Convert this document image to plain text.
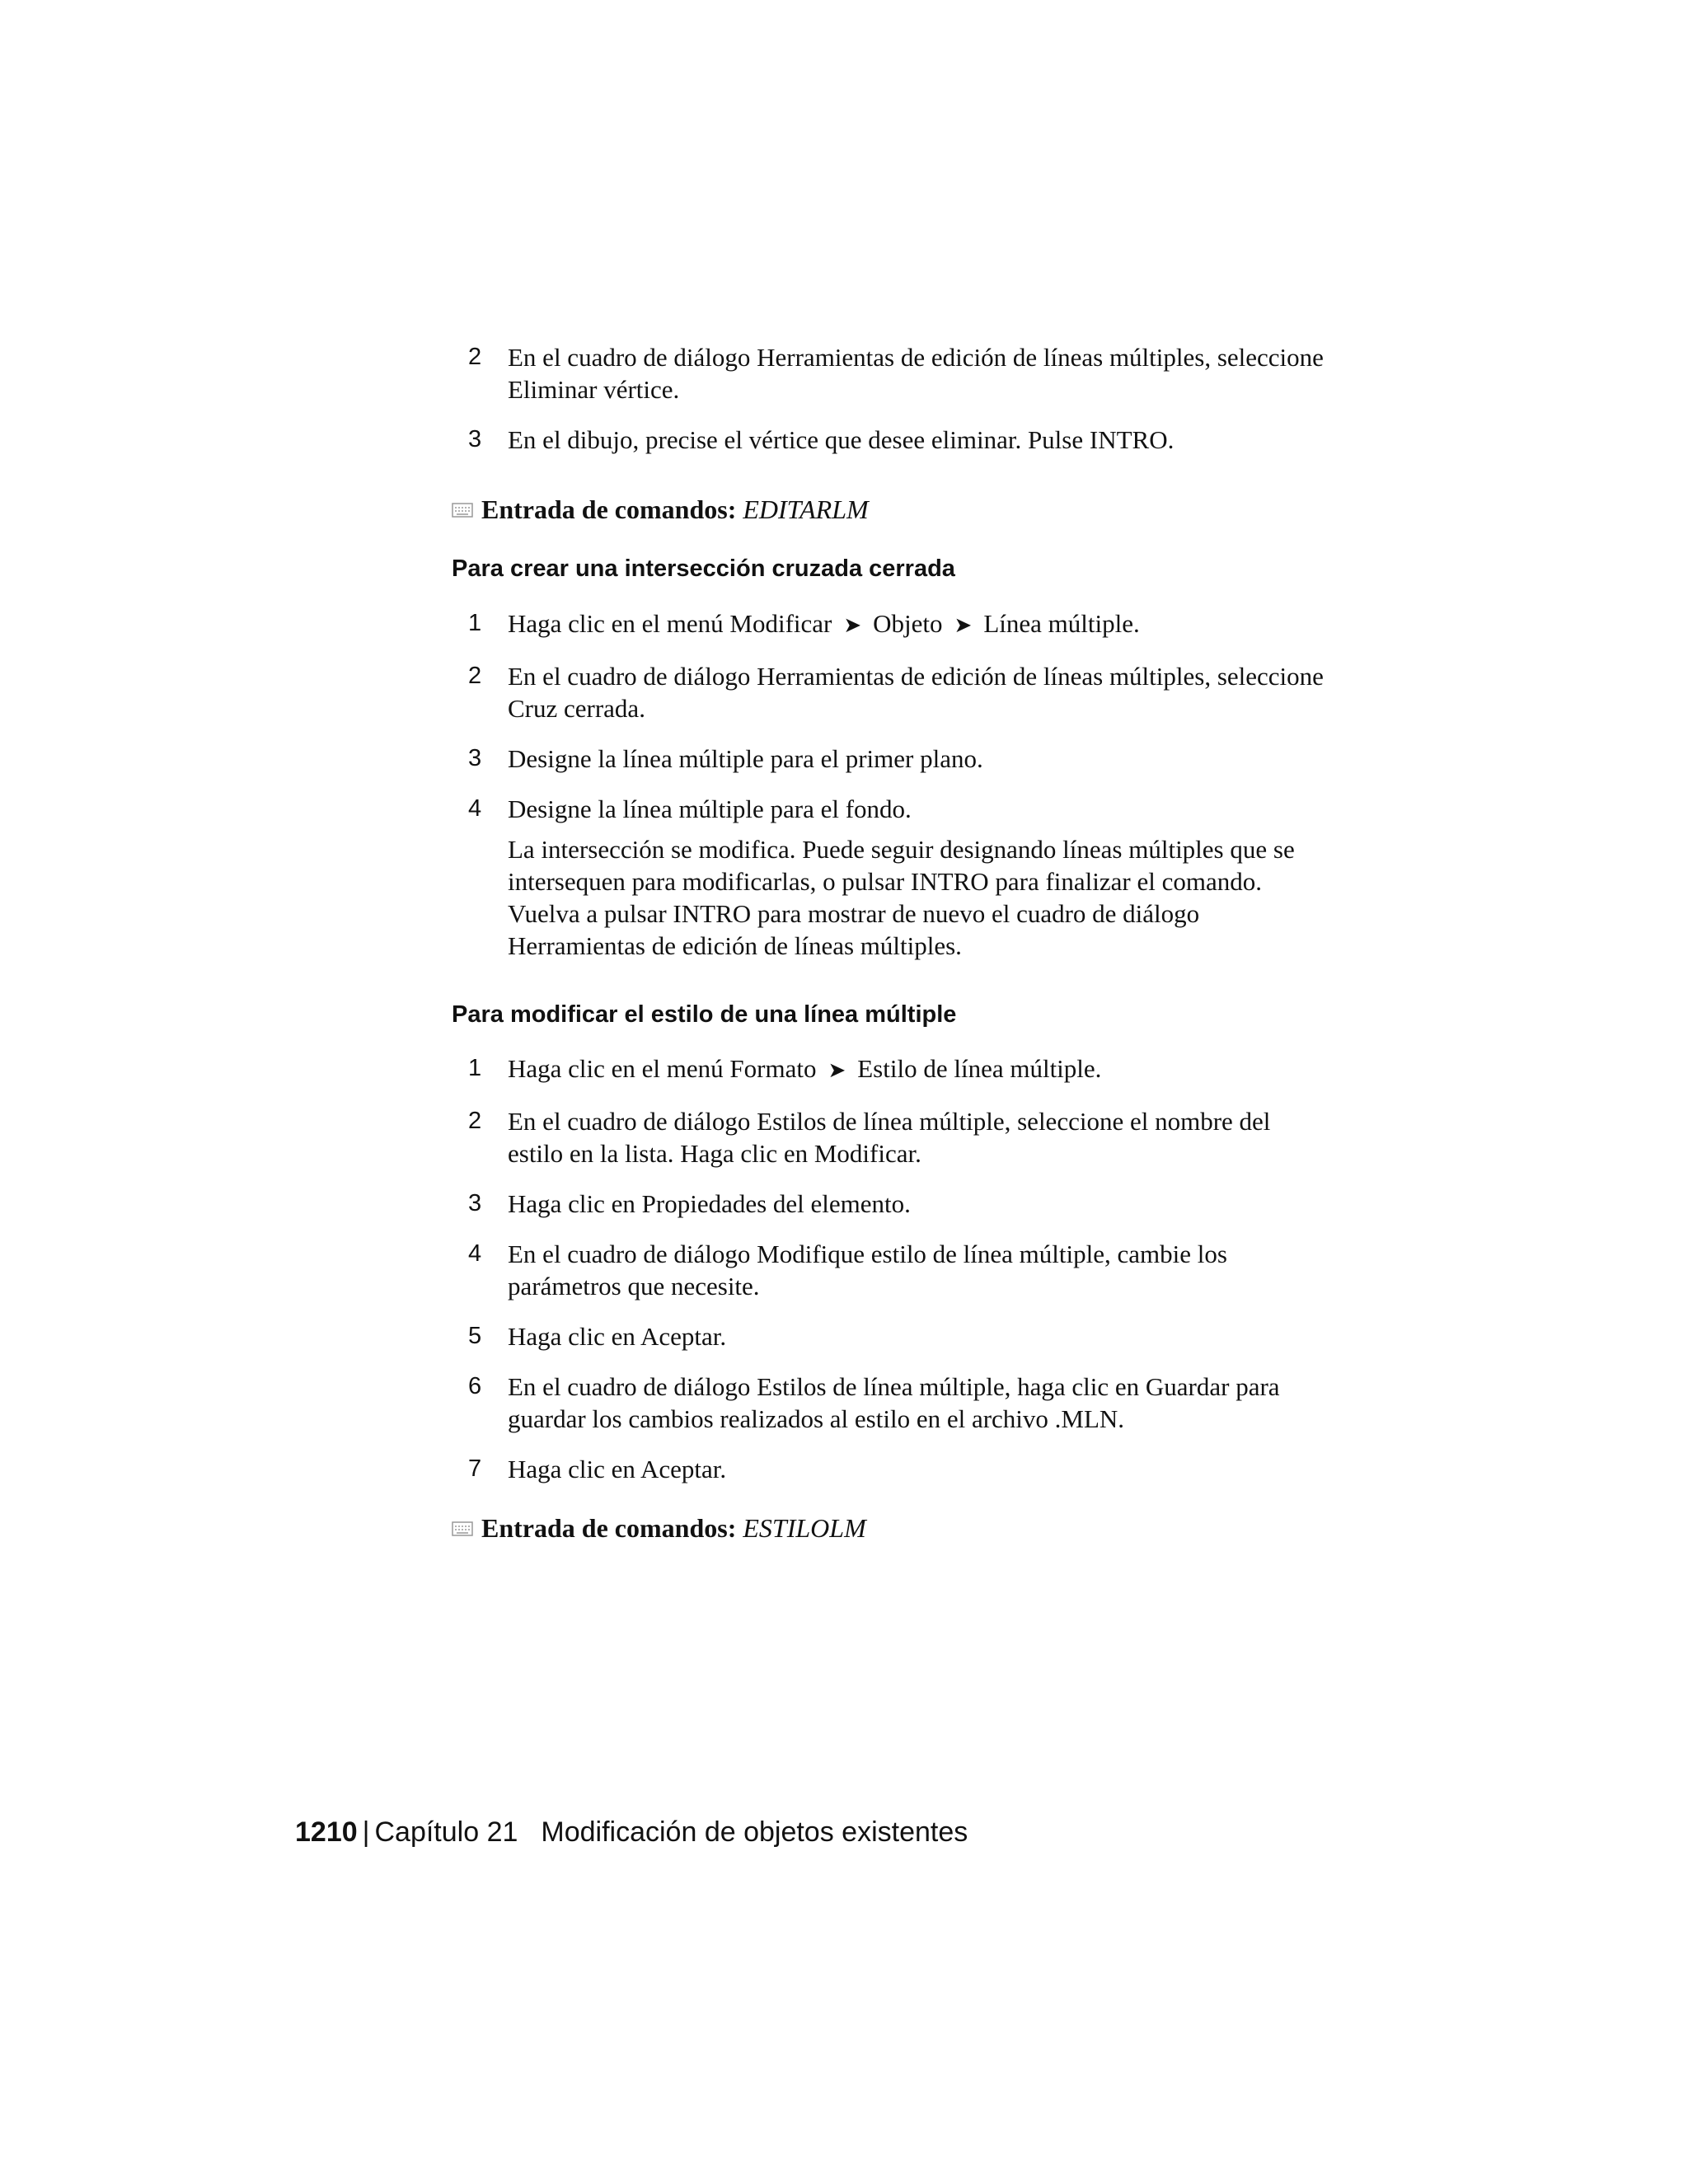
2 En el cuadro de diálogo Herramientas de edición de líneas múltiples, seleccione Eliminar vértice.
3 En el dibujo, precise el vértice que desee eliminar. Pulse INTRO.
Entrada de comandos: EDITARLM
Para crear una intersección cruzada cerrada
1 Haga clic en el menú Modificar ➤ Objeto ➤ Línea múltiple.
2 En el cuadro de diálogo Herramientas de edición de líneas múltiples, seleccione Cruz cerrada.
3 Designe la línea múltiple para el primer plano.
4 Designe la línea múltiple para el fondo.
La intersección se modifica. Puede seguir designando líneas múltiples que se intersequen para modificarlas, o pulsar INTRO para finalizar el comando. Vuelva a pulsar INTRO para mostrar de nuevo el cuadro de diálogo Herramientas de edición de líneas múltiples.
Para modificar el estilo de una línea múltiple
1 Haga clic en el menú Formato ➤ Estilo de línea múltiple.
2 En el cuadro de diálogo Estilos de línea múltiple, seleccione el nombre del estilo en la lista. Haga clic en Modificar.
3 Haga clic en Propiedades del elemento.
4 En el cuadro de diálogo Modifique estilo de línea múltiple, cambie los parámetros que necesite.
5 Haga clic en Aceptar.
6 En el cuadro de diálogo Estilos de línea múltiple, haga clic en Guardar para guardar los cambios realizados al estilo en el archivo .MLN.
7 Haga clic en Aceptar.
Entrada de comandos: ESTILOLM
1210 | Capítulo 21 Modificación de objetos existentes
